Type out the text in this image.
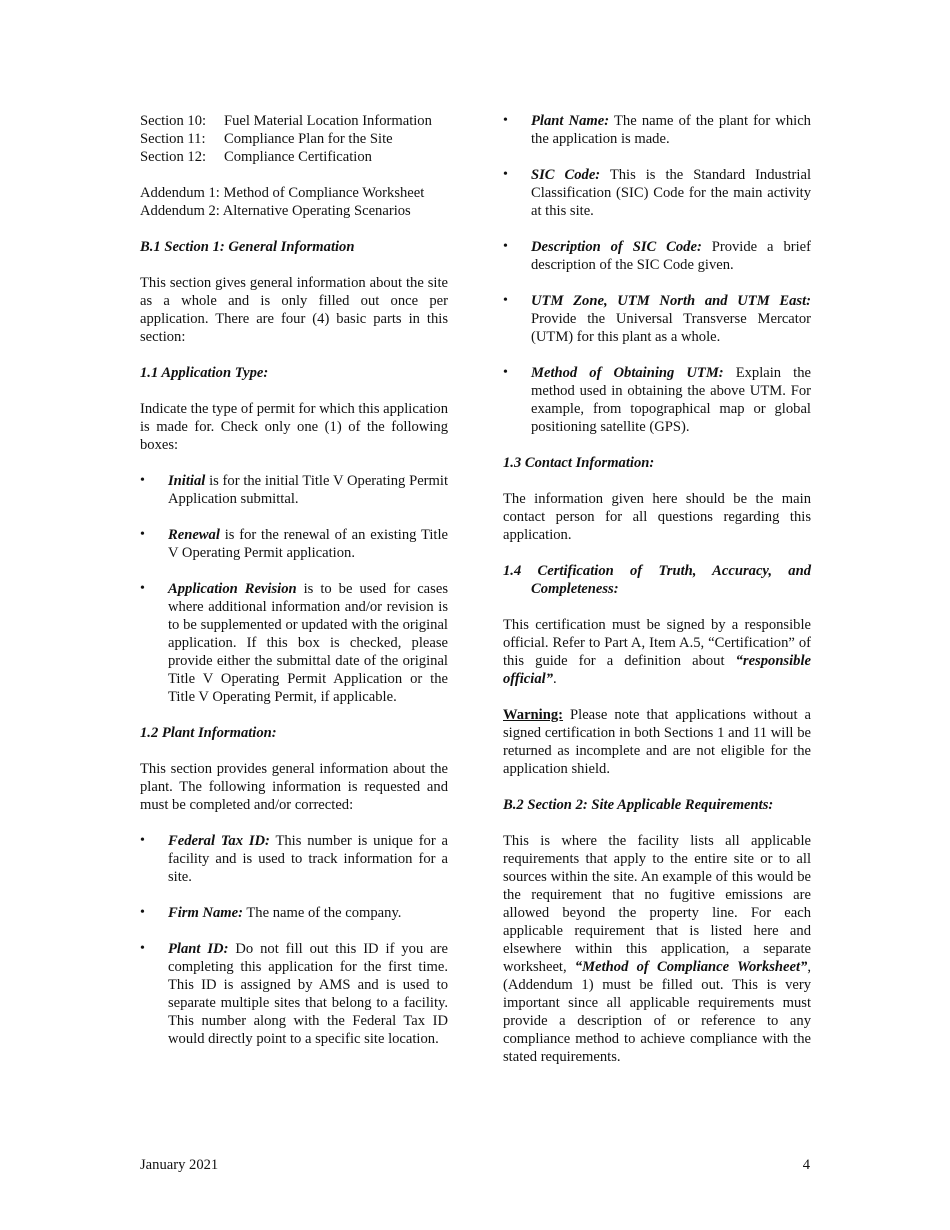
Section 10:	Fuel Material Location Information
Section 11:	Compliance Plan for the Site
Section 12:	Compliance Certification
Addendum 1: Method of Compliance Worksheet
Addendum 2: Alternative Operating Scenarios
B.1 Section 1: General Information

This section gives general information about the site as a whole and is only filled out once per application. There are four (4) basic parts in this section:

1.1 Application Type:

Indicate the type of permit for which this application is made for. Check only one (1) of the following boxes:

• Initial is for the initial Title V Operating Permit Application submittal.
• Renewal is for the renewal of an existing Title V Operating Permit application.
• Application Revision is to be used for cases where additional information and/or revision is to be supplemented or updated with the original application. If this box is checked, please provide either the submittal date of the original Title V Operating Permit Application or the Title V Operating Permit, if applicable.
1.2 Plant Information:

This section provides general information about the plant. The following information is requested and must be completed and/or corrected:

• Federal Tax ID: This number is unique for a facility and is used to track information for a site.
• Firm Name: The name of the company.
• Plant ID: Do not fill out this ID if you are completing this application for the first time. This ID is assigned by AMS and is used to separate multiple sites that belong to a facility. This number along with the Federal Tax ID would directly point to a specific site location.
• Plant Name: The name of the plant for which the application is made.
• SIC Code: This is the Standard Industrial Classification (SIC) Code for the main activity at this site.
• Description of SIC Code: Provide a brief description of the SIC Code given.
• UTM Zone, UTM North and UTM East: Provide the Universal Transverse Mercator (UTM) for this plant as a whole.
• Method of Obtaining UTM: Explain the method used in obtaining the above UTM. For example, from topographical map or global positioning satellite (GPS).
1.3 Contact Information:

The information given here should be the main contact person for all questions regarding this application.

1.4 Certification of Truth, Accuracy, and Completeness:

This certification must be signed by a responsible official. Refer to Part A, Item A.5, “Certification” of this guide for a definition about “responsible official”.

Warning: Please note that applications without a signed certification in both Sections 1 and 11 will be returned as incomplete and are not eligible for the application shield.

B.2 Section 2: Site Applicable Requirements:

This is where the facility lists all applicable requirements that apply to the entire site or to all sources within the site. An example of this would be the requirement that no fugitive emissions are allowed beyond the property line. For each applicable requirement that is listed here and elsewhere within this application, a separate worksheet, “Method of Compliance Worksheet”, (Addendum 1) must be filled out. This is very important since all applicable requirements must provide a description of or reference to any compliance method to achieve compliance with the stated requirements.

January 2021	4
